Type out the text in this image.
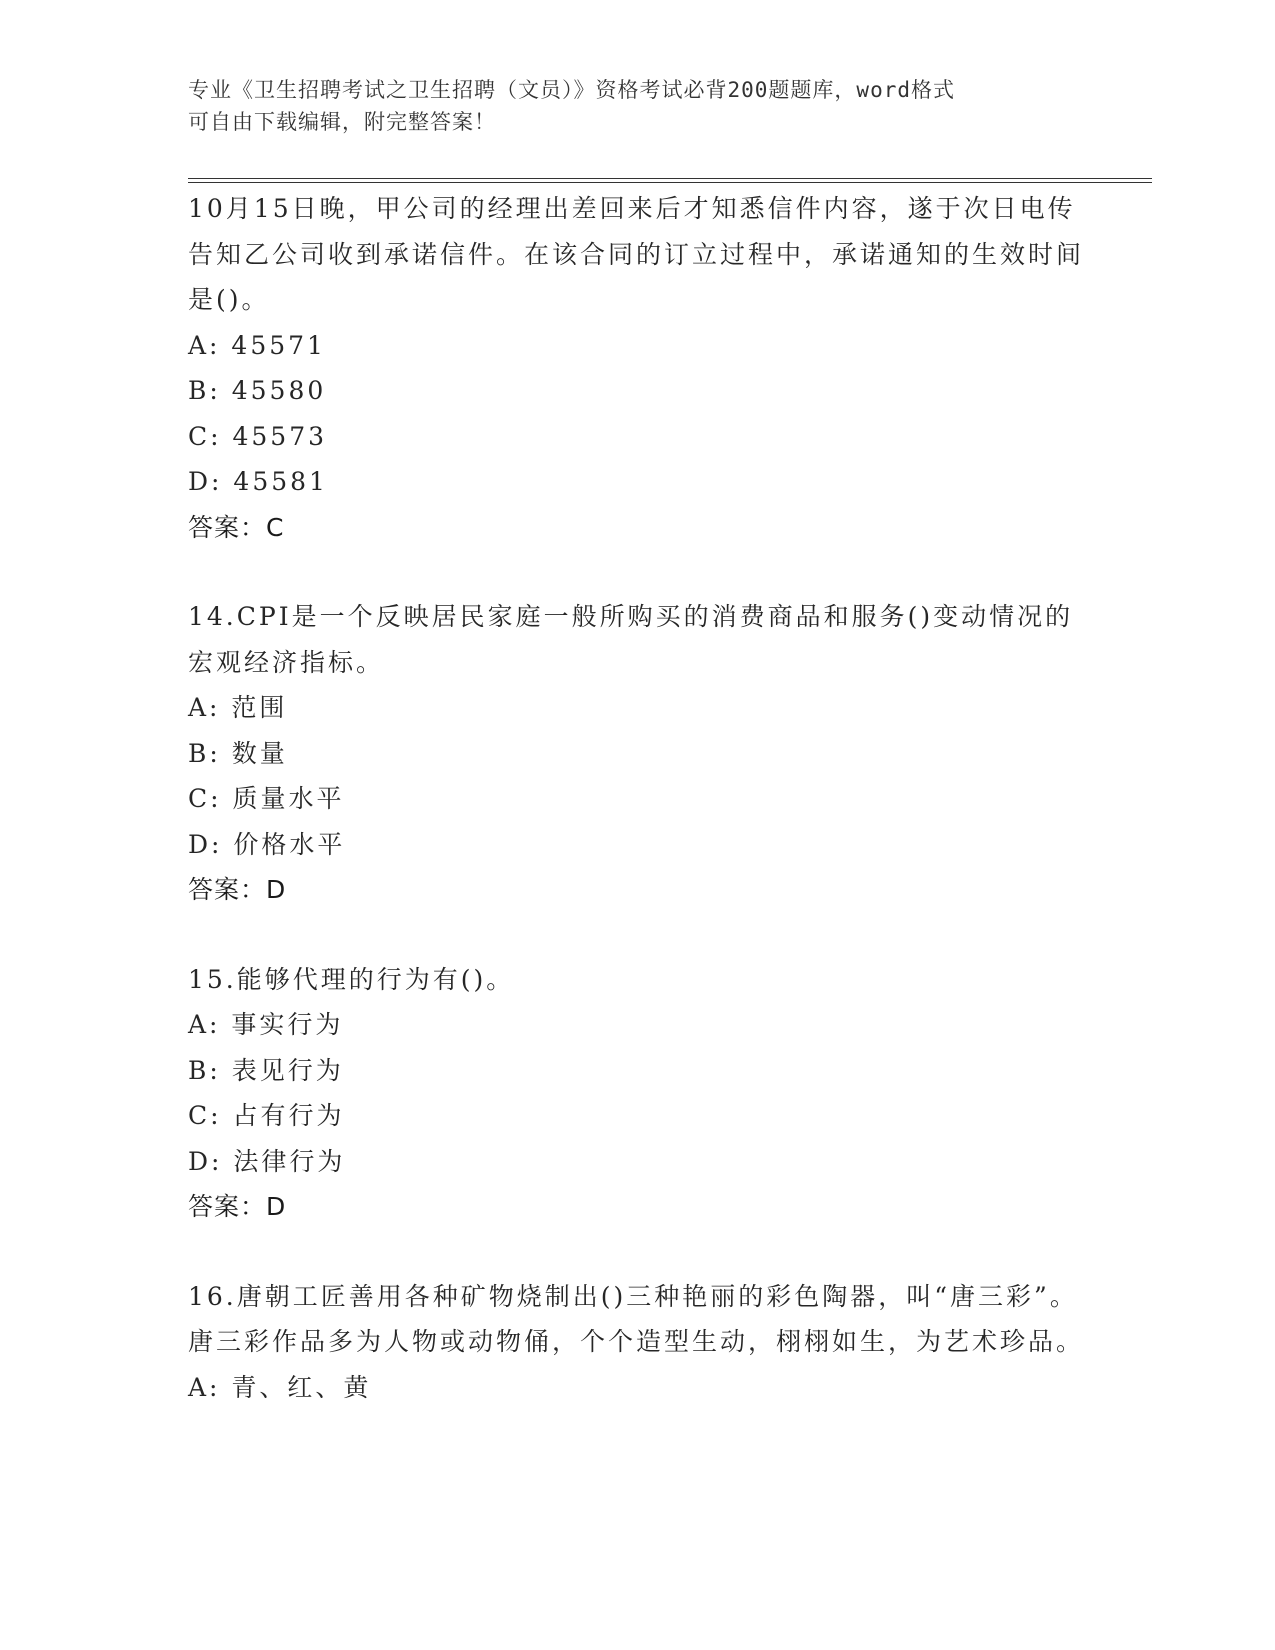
专业《卫生招聘考试之卫生招聘（文员）》资格考试必背200题题库，word格式
可自由下载编辑，附完整答案！
10月15日晚，甲公司的经理出差回来后才知悉信件内容，遂于次日电传告知乙公司收到承诺信件。在该合同的订立过程中，承诺通知的生效时间是()。
A: 45571
B: 45580
C: 45573
D: 45581
答案：C
14.CPI是一个反映居民家庭一般所购买的消费商品和服务()变动情况的宏观经济指标。
A: 范围
B: 数量
C: 质量水平
D: 价格水平
答案：D
15.能够代理的行为有()。
A: 事实行为
B: 表见行为
C: 占有行为
D: 法律行为
答案：D
16.唐朝工匠善用各种矿物烧制出()三种艳丽的彩色陶器，叫“唐三彩”。唐三彩作品多为人物或动物俑，个个造型生动，栩栩如生，为艺术珍品。
A: 青、红、黄
